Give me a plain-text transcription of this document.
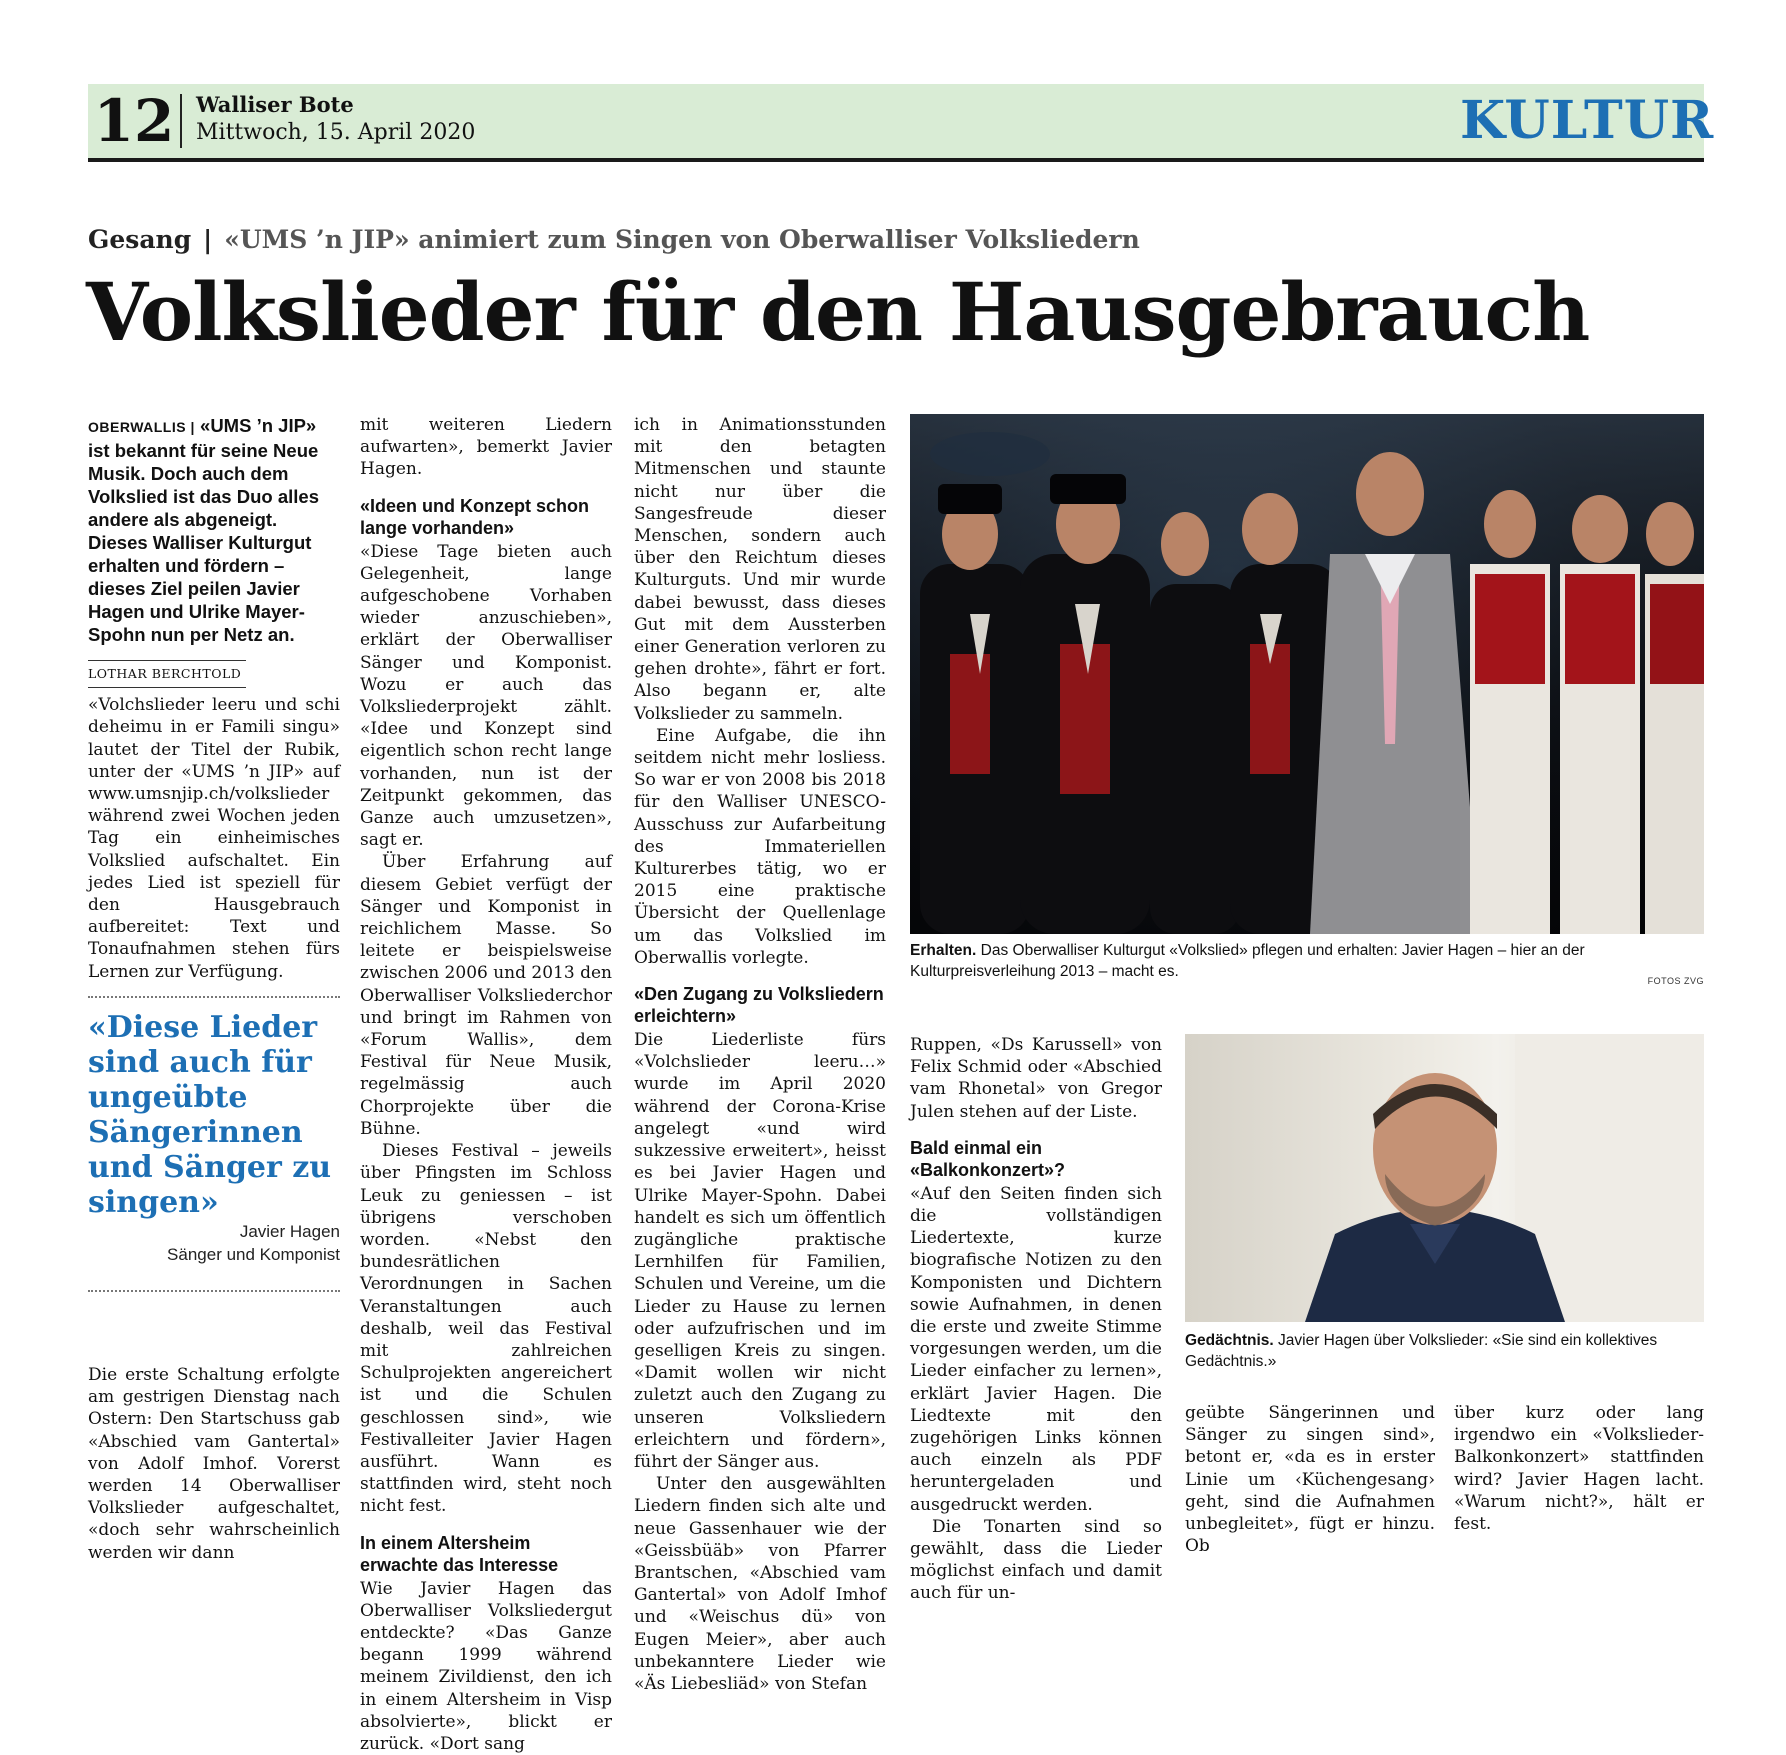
12 Walliser Bote
Mittwoch, 15. April 2020	KULTUR
Gesang | «UMS ’n JIP» animiert zum Singen von Oberwalliser Volksliedern
Volkslieder für den Hausgebrauch
OBERWALLIS | «UMS ’n JIP» ist bekannt für seine Neue Musik. Doch auch dem Volkslied ist das Duo alles andere als abgeneigt. Dieses Walliser Kulturgut erhalten und fördern – dieses Ziel peilen Javier Hagen und Ulrike Mayer-Spohn nun per Netz an.
LOTHAR BERCHTOLD

«Volchslieder leeru und schi deheimu in er Famili singu» lautet der Titel der Rubik, unter der «UMS ’n JIP» auf www.umsnjip.ch/volkslieder während zwei Wochen jeden Tag ein einheimisches Volkslied aufschaltet. Ein jedes Lied ist speziell für den Hausgebrauch aufbereitet: Text und Tonaufnahmen stehen fürs Lernen zur Verfügung.

«Diese Lieder sind auch für ungeübte Sängerinnen und Sänger zu singen»
Javier Hagen
Sänger und Komponist

Die erste Schaltung erfolgte am gestrigen Dienstag nach Ostern: Den Startschuss gab «Abschied vam Gantertal» von Adolf Imhof. Vorerst werden 14 Oberwalliser Volkslieder aufgeschaltet, «doch sehr wahrscheinlich werden wir dann

mit weiteren Liedern aufwarten», bemerkt Javier Hagen.

«Ideen und Konzept schon lange vorhanden»

«Diese Tage bieten auch Gelegenheit, lange aufgeschobene Vorhaben wieder anzuschieben», erklärt der Oberwalliser Sänger und Komponist. Wozu er auch das Volksliederprojekt zählt. «Idee und Konzept sind eigentlich schon recht lange vorhanden, nun ist der Zeitpunkt gekommen, das Ganze auch umzusetzen», sagt er.

Über Erfahrung auf diesem Gebiet verfügt der Sänger und Komponist in reichlichem Masse. So leitete er beispielsweise zwischen 2006 und 2013 den Oberwalliser Volksliederchor und bringt im Rahmen von «Forum Wallis», dem Festival für Neue Musik, regelmässig auch Chorprojekte über die Bühne.

Dieses Festival – jeweils über Pfingsten im Schloss Leuk zu geniessen – ist übrigens verschoben worden. «Nebst den bundesrätlichen Verordnungen in Sachen Veranstaltungen auch deshalb, weil das Festival mit zahlreichen Schulprojekten angereichert ist und die Schulen geschlossen sind», wie Festivalleiter Javier Hagen ausführt. Wann es stattfinden wird, steht noch nicht fest.

In einem Altersheim erwachte das Interesse

Wie Javier Hagen das Oberwalliser Volksliedergut entdeckte? «Das Ganze begann 1999 während meinem Zivildienst, den ich in einem Altersheim in Visp absolvierte», blickt er zurück. «Dort sang

ich in Animationsstunden mit den betagten Mitmenschen und staunte nicht nur über die Sangesfreude dieser Menschen, sondern auch über den Reichtum dieses Kulturguts. Und mir wurde dabei bewusst, dass dieses Gut mit dem Aussterben einer Generation verloren zu gehen drohte», fährt er fort. Also begann er, alte Volkslieder zu sammeln.

Eine Aufgabe, die ihn seitdem nicht mehr losliess. So war er von 2008 bis 2018 für den Walliser UNESCO-Ausschuss zur Aufarbeitung des Immateriellen Kulturerbes tätig, wo er 2015 eine praktische Übersicht der Quellenlage um das Volkslied im Oberwallis vorlegte.

«Den Zugang zu Volksliedern erleichtern»

Die Liederliste fürs «Volchslieder leeru…» wurde im April 2020 während der Corona-Krise angelegt «und wird sukzessive erweitert», heisst es bei Javier Hagen und Ulrike Mayer-Spohn. Dabei handelt es sich um öffentlich zugängliche praktische Lernhilfen für Familien, Schulen und Vereine, um die Lieder zu Hause zu lernen oder aufzufrischen und im geselligen Kreis zu singen. «Damit wollen wir nicht zuletzt auch den Zugang zu unseren Volksliedern erleichtern und fördern», führt der Sänger aus.

Unter den ausgewählten Liedern finden sich alte und neue Gassenhauer wie der «Geissbüäb» von Pfarrer Brantschen, «Abschied vam Gantertal» von Adolf Imhof und «Weischus dü» von Eugen Meier», aber auch unbekanntere Lieder wie «Äs Liebesliäd» von Stefan

Erhalten. Das Oberwalliser Kulturgut «Volkslied» pflegen und erhalten: Javier Hagen – hier an der Kulturpreisverleihung 2013 – macht es.
FOTOS ZVG

Ruppen, «Ds Karussell» von Felix Schmid oder «Abschied vam Rhonetal» von Gregor Julen stehen auf der Liste.

Bald einmal ein «Balkonkonzert»?

«Auf den Seiten finden sich die vollständigen Liedertexte, kurze biografische Notizen zu den Komponisten und Dichtern sowie Aufnahmen, in denen die erste und zweite Stimme vorgesungen werden, um die Lieder einfacher zu lernen», erklärt Javier Hagen. Die Liedtexte mit den zugehörigen Links können auch einzeln als PDF heruntergeladen und ausgedruckt werden.

Die Tonarten sind so gewählt, dass die Lieder möglichst einfach und damit auch für un-

Gedächtnis. Javier Hagen über Volkslieder: «Sie sind ein kollektives Gedächtnis.»

geübte Sängerinnen und Sänger zu singen sind», betont er, «da es in erster Linie um ‹Küchengesang› geht, sind die Aufnahmen unbegleitet», fügt er hinzu. Ob

über kurz oder lang irgendwo ein «Volkslieder-Balkonkonzert» stattfinden wird? Javier Hagen lacht. «Warum nicht?», hält er fest.
